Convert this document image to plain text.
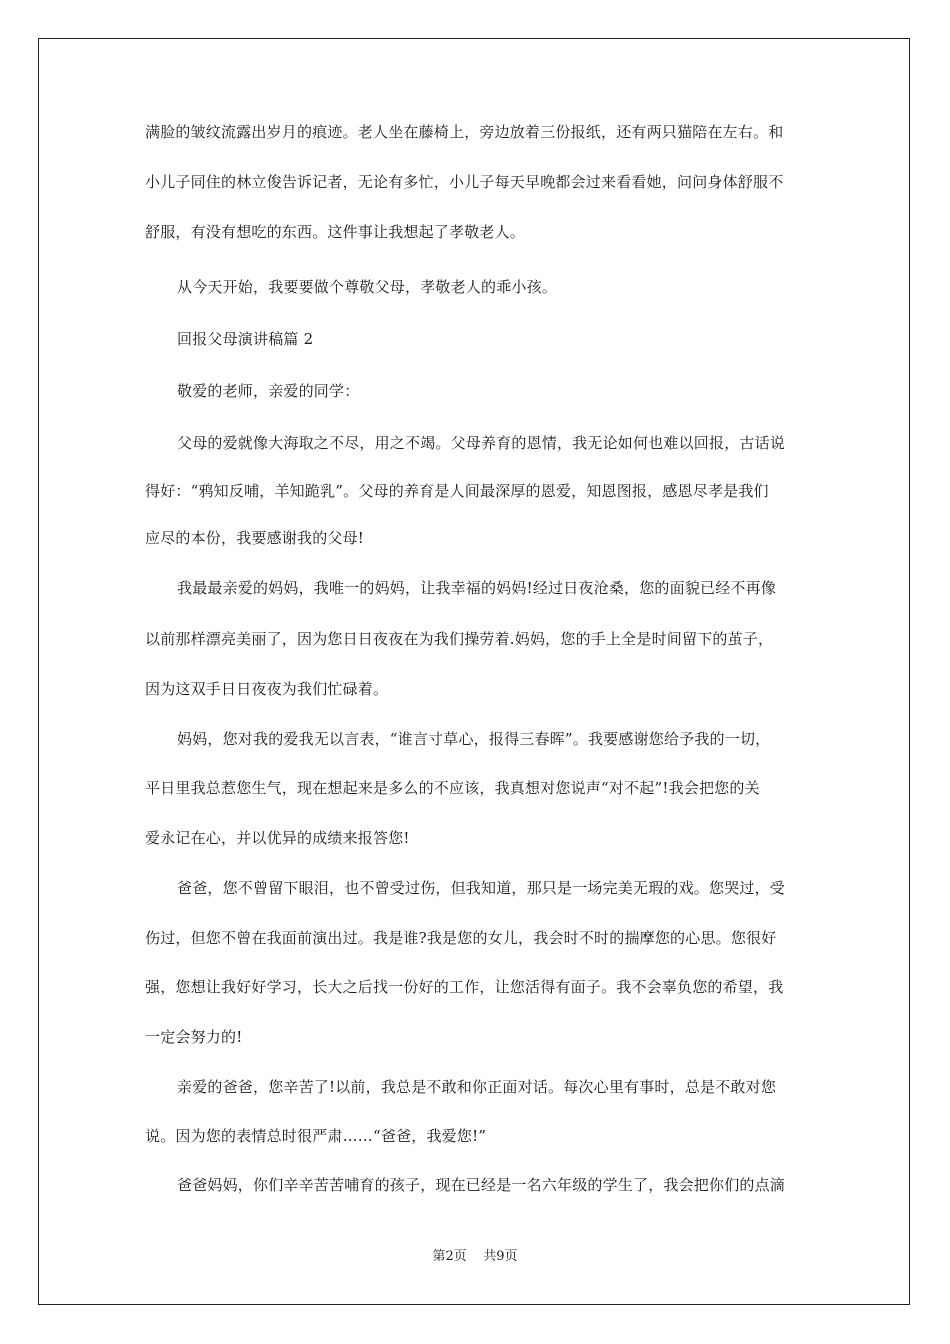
满脸的皱纹流露出岁月的痕迹。老人坐在藤椅上，旁边放着三份报纸，还有两只猫陪在左右。和
小儿子同住的林立俊告诉记者，无论有多忙，小儿子每天早晚都会过来看看她，问问身体舒服不
舒服，有没有想吃的东西。这件事让我想起了孝敬老人。
从今天开始，我要要做个尊敬父母，孝敬老人的乖小孩。
回报父母演讲稿篇 2
敬爱的老师，亲爱的同学：
父母的爱就像大海取之不尽，用之不竭。父母养育的恩情，我无论如何也难以回报，古话说
得好：“鸦知反哺，羊知跪乳”。父母的养育是人间最深厚的恩爱，知恩图报，感恩尽孝是我们
应尽的本份，我要感谢我的父母!
我最最亲爱的妈妈，我唯一的妈妈，让我幸福的妈妈!经过日夜沧桑，您的面貌已经不再像
以前那样漂亮美丽了，因为您日日夜夜在为我们操劳着.妈妈，您的手上全是时间留下的茧子，
因为这双手日日夜夜为我们忙碌着。
妈妈，您对我的爱我无以言表，“谁言寸草心，报得三春晖”。我要感谢您给予我的一切，
平日里我总惹您生气，现在想起来是多么的不应该，我真想对您说声“对不起”!我会把您的关
爱永记在心，并以优异的成绩来报答您!
爸爸，您不曾留下眼泪，也不曾受过伤，但我知道，那只是一场完美无瑕的戏。您哭过，受
伤过，但您不曾在我面前演出过。我是谁?我是您的女儿，我会时不时的揣摩您的心思。您很好
强，您想让我好好学习，长大之后找一份好的工作，让您活得有面子。我不会辜负您的希望，我
一定会努力的!
亲爱的爸爸，您辛苦了!以前，我总是不敢和你正面对话。每次心里有事时，总是不敢对您
说。因为您的表情总时很严肃……“爸爸，我爱您!”
爸爸妈妈，你们辛辛苦苦哺育的孩子，现在已经是一名六年级的学生了，我会把你们的点滴
第2页    共9页
